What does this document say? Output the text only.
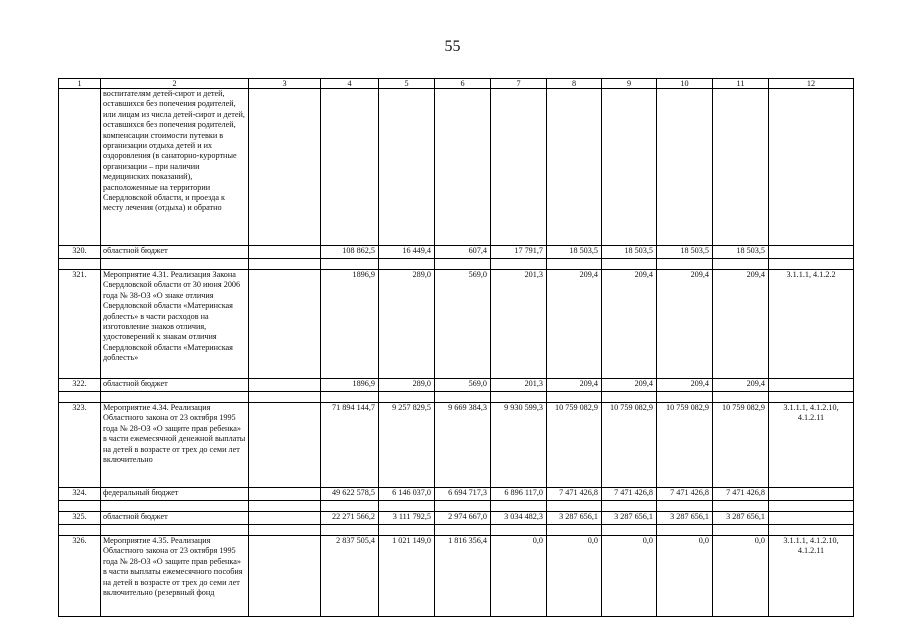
55
1	2	3	4	5	6	7	8	9	10	11	12
	воспитателям детей-сирот и детей, оставшихся без попечения родителей, или лицам из числа детей-сирот и детей, оставшихся без попечения родителей, компенсации стоимости путевки в организации отдыха детей и их оздоровления (в санаторно-курортные организации – при наличии медицинских показаний), расположенные на территории Свердловской области, и проезда к месту лечения (отдыха) и обратно										
320.	областной бюджет		108 862,5	16 449,4	607,4	17 791,7	18 503,5	18 503,5	18 503,5	18 503,5	

321.	Мероприятие 4.31. Реализация Закона Свердловской области от 30 июня 2006 года № 38-ОЗ «О знаке отличия Свердловской области «Материнская доблесть» в части расходов на изготовление знаков отличия, удостоверений к знакам отличия Свердловской области «Материнская доблесть»		1896,9	289,0	569,0	201,3	209,4	209,4	209,4	209,4	3.1.1.1, 4.1.2.2
322.	областной бюджет		1896,9	289,0	569,0	201,3	209,4	209,4	209,4	209,4	

323.	Мероприятие 4.34. Реализация Областного закона от 23 октября 1995 года № 28-ОЗ «О защите прав ребенка» в части ежемесячной денежной выплаты на детей в возрасте от трех до семи лет включительно		71 894 144,7	9 257 829,5	9 669 384,3	9 930 599,3	10 759 082,9	10 759 082,9	10 759 082,9	10 759 082,9	3.1.1.1, 4.1.2.10, 4.1.2.11
324.	федеральный бюджет		49 622 578,5	6 146 037,0	6 694 717,3	6 896 117,0	7 471 426,8	7 471 426,8	7 471 426,8	7 471 426,8	

325.	областной бюджет		22 271 566,2	3 111 792,5	2 974 667,0	3 034 482,3	3 287 656,1	3 287 656,1	3 287 656,1	3 287 656,1	

326.	Мероприятие 4.35. Реализация Областного закона от 23 октября 1995 года № 28-ОЗ «О защите прав ребенка» в части выплаты ежемесячного пособия на детей в возрасте от трех до семи лет включительно (резервный фонд		2 837 505,4	1 021 149,0	1 816 356,4	0,0	0,0	0,0	0,0	0,0	3.1.1.1, 4.1.2.10, 4.1.2.11
